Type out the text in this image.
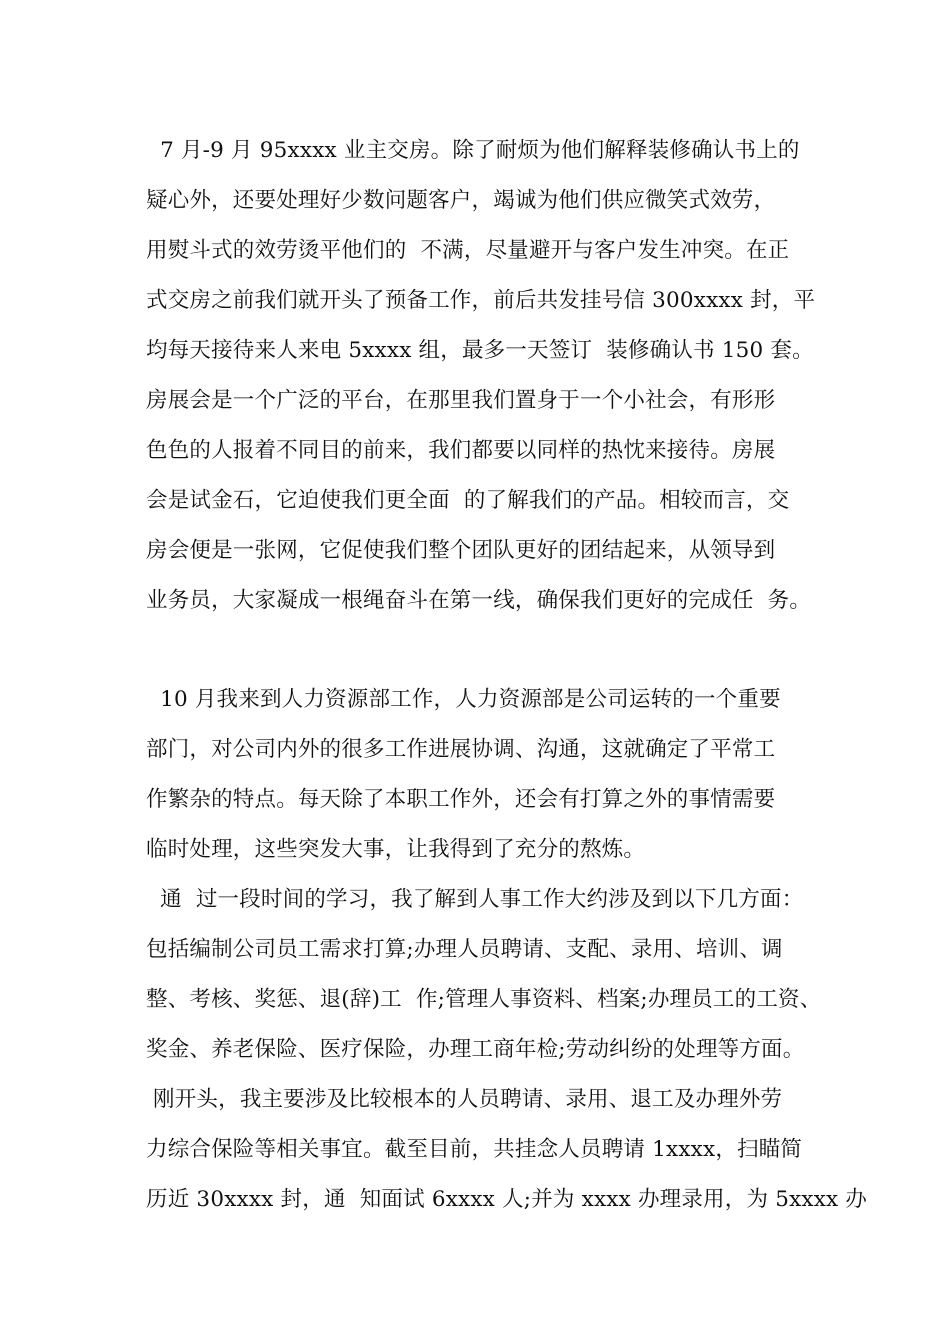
7 月-9 月 95xxxx 业主交房。除了耐烦为他们解释装修确认书上的
疑心外，还要处理好少数问题客户，竭诚为他们供应微笑式效劳，
用熨斗式的效劳烫平他们的  不满，尽量避开与客户发生冲突。在正
式交房之前我们就开头了预备工作，前后共发挂号信 300xxxx 封，平
均每天接待来人来电 5xxxx 组，最多一天签订  装修确认书 150 套。
房展会是一个广泛的平台，在那里我们置身于一个小社会，有形形
色色的人报着不同目的前来，我们都要以同样的热忱来接待。房展
会是试金石，它迫使我们更全面  的了解我们的产品。相较而言，交
房会便是一张网，它促使我们整个团队更好的团结起来，从领导到
业务员，大家凝成一根绳奋斗在第一线，确保我们更好的完成任  务。
10 月我来到人力资源部工作，人力资源部是公司运转的一个重要
部门，对公司内外的很多工作进展协调、沟通，这就确定了平常工
作繁杂的特点。每天除了本职工作外，还会有打算之外的事情需要
临时处理，这些突发大事，让我得到了充分的熬炼。
通  过一段时间的学习，我了解到人事工作大约涉及到以下几方面：
包括编制公司员工需求打算;办理人员聘请、支配、录用、培训、调
整、考核、奖惩、退(辞)工  作;管理人事资料、档案;办理员工的工资、
奖金、养老保险、医疗保险，办理工商年检;劳动纠纷的处理等方面。
刚开头，我主要涉及比较根本的人员聘请、录用、退工及办理外劳
力综合保险等相关事宜。截至目前，共挂念人员聘请 1xxxx，扫瞄简
历近 30xxxx 封，通  知面试 6xxxx 人;并为 xxxx 办理录用，为 5xxxx 办
